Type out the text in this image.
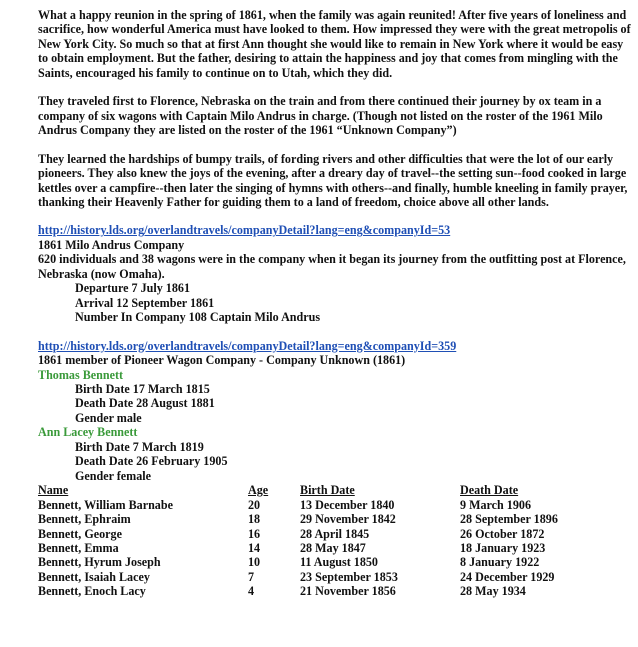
What a happy reunion in the spring of 1861, when the family was again reunited! After five years of loneliness and sacrifice, how wonderful America must have looked to them. How impressed they were with the great metropolis of New York City. So much so that at first Ann thought she would like to remain in New York where it would be easy to obtain employment. But the father, desiring to attain the happiness and joy that comes from mingling with the Saints, encouraged his family to continue on to Utah, which they did.

They traveled first to Florence, Nebraska on the train and from there continued their journey by ox team in a company of six wagons with Captain Milo Andrus in charge. (Though not listed on the roster of the 1961 Milo Andrus Company they are listed on the roster of the 1961 “Unknown Company”)

They learned the hardships of bumpy trails, of fording rivers and other difficulties that were the lot of our early pioneers. They also knew the joys of the evening, after a dreary day of travel--the setting sun--food cooked in large kettles over a campfire--then later the singing of hymns with others--and finally, humble kneeling in family prayer, thanking their Heavenly Father for guiding them to a land of freedom, choice above all other lands.

http://history.lds.org/overlandtravels/companyDetail?lang=eng&companyId=53
1861 Milo Andrus Company
620 individuals and 38 wagons were in the company when it began its journey from the outfitting post at Florence, Nebraska (now Omaha).
Departure 7 July 1861
Arrival 12 September 1861
Number In Company 108 Captain Milo Andrus
http://history.lds.org/overlandtravels/companyDetail?lang=eng&companyId=359
1861 member of Pioneer Wagon Company - Company Unknown (1861)
Thomas Bennett
Birth Date 17 March 1815
Death Date 28 August 1881
Gender male
Ann Lacey Bennett
Birth Date 7 March 1819
Death Date 26 February 1905
Gender female
Name	Age	Birth Date	Death Date
Bennett, William Barnabe	20	13 December 1840	9 March 1906
Bennett, Ephraim	18	29 November 1842	28 September 1896
Bennett, George	16	28 April 1845	26 October 1872
Bennett, Emma	14	28 May 1847	18 January 1923
Bennett, Hyrum Joseph	10	11 August 1850	8 January 1922
Bennett, Isaiah Lacey	7	23 September 1853	24 December 1929
Bennett, Enoch Lacy	4	21 November 1856	28 May 1934
